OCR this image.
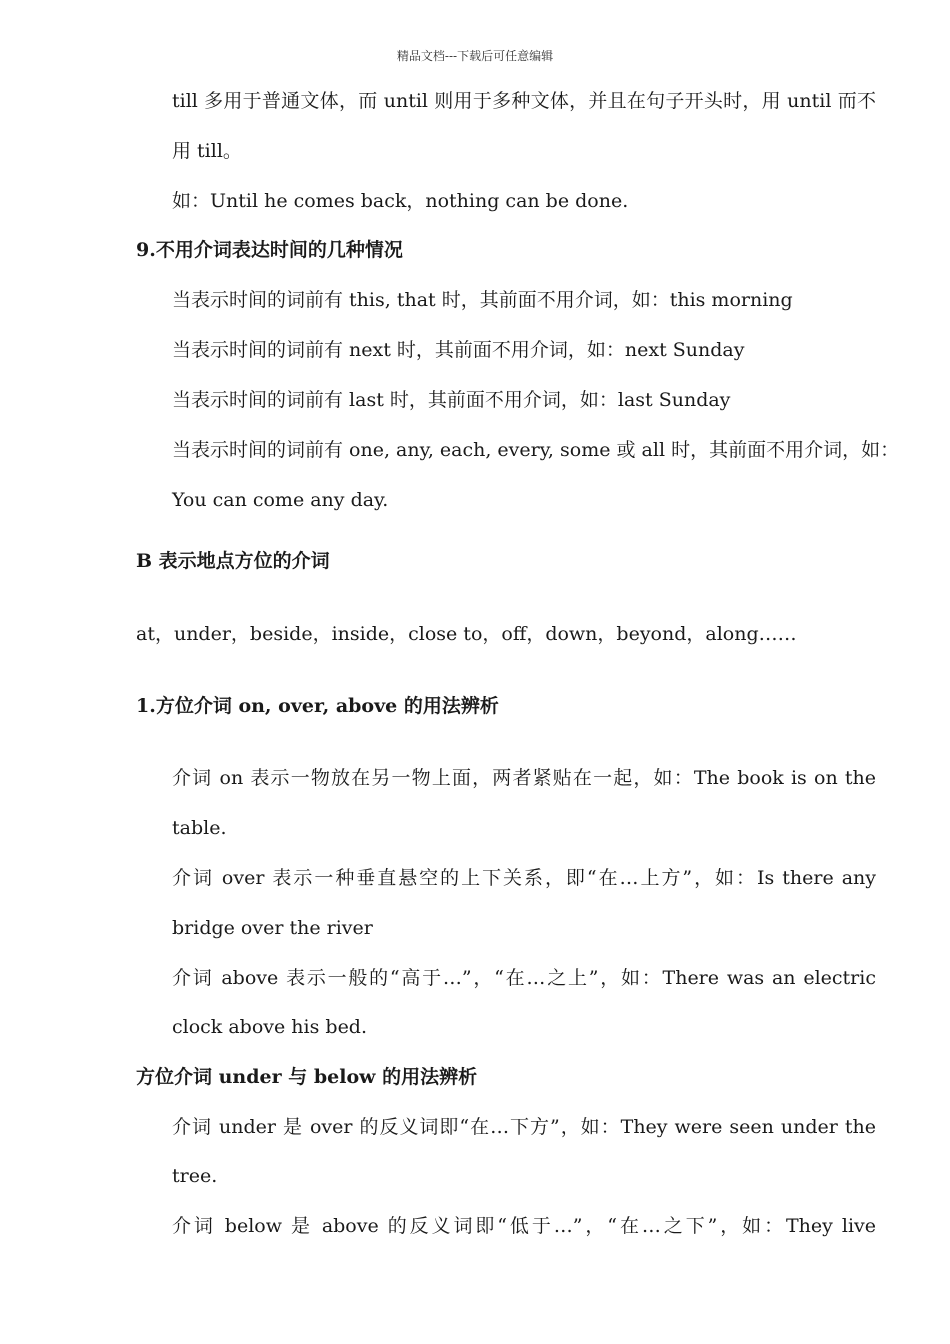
精品文档---下载后可任意编辑
till 多用于普通文体，而 until 则用于多种文体，并且在句子开头时，用 until 而不
用 till。
如：Until he comes back，nothing can be done.
9.不用介词表达时间的几种情况
当表示时间的词前有 this, that 时，其前面不用介词，如：this morning
当表示时间的词前有 next 时，其前面不用介词，如：next Sunday
当表示时间的词前有 last 时，其前面不用介词，如：last Sunday
当表示时间的词前有 one, any, each, every, some 或 all 时，其前面不用介词，如：
You can come any day.
B 表示地点方位的介词
at，under，beside，inside，close to，off，down，beyond，along……
1.方位介词 on, over, above 的用法辨析
介词 on 表示一物放在另一物上面，两者紧贴在一起，如：The book is on the
table.
介词 over 表示一种垂直悬空的上下关系，即“在…上方”，如：Is there any
bridge over the river
介词 above 表示一般的“高于…”，“在…之上”，如：There was an electric
clock above his bed.
方位介词 under 与 below 的用法辨析
介词 under 是 over 的反义词即“在…下方”，如：They were seen under the
tree.
介词 below 是 above 的反义词即“低于…”，“在…之下”，如：They live
